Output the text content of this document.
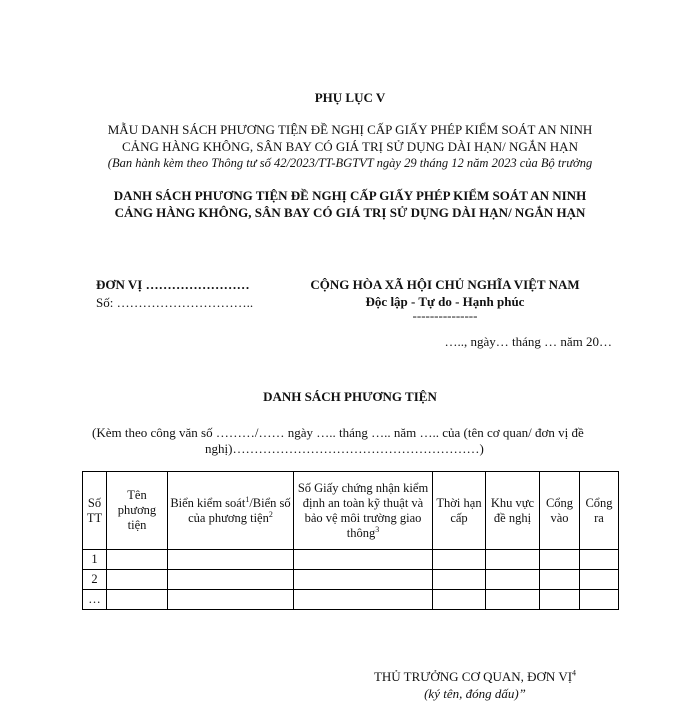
PHỤ LỤC V
MẪU DANH SÁCH PHƯƠNG TIỆN ĐỀ NGHỊ CẤP GIẤY PHÉP KIỂM SOÁT AN NINH
CẢNG HÀNG KHÔNG, SÂN BAY CÓ GIÁ TRỊ SỬ DỤNG DÀI HẠN/ NGẮN HẠN
(Ban hành kèm theo Thông tư số 42/2023/TT-BGTVT ngày 29 tháng 12 năm 2023 của Bộ trưởng
DANH SÁCH PHƯƠNG TIỆN ĐỀ NGHỊ CẤP GIẤY PHÉP KIỂM SOÁT AN NINH
CẢNG HÀNG KHÔNG, SÂN BAY CÓ GIÁ TRỊ SỬ DỤNG DÀI HẠN/ NGẮN HẠN
ĐƠN VỊ ……………………
Số: …………………………..
CỘNG HÒA XÃ HỘI CHỦ NGHĨA VIỆT NAM
Độc lập - Tự do - Hạnh phúc
---------------
….., ngày… tháng … năm 20…
DANH SÁCH PHƯƠNG TIỆN
(Kèm theo công văn số ………/…… ngày ….. tháng ….. năm ….. của (tên cơ quan/ đơn vị đề
nghị)…………………………………………………)
Số TT	Tên phương tiện	Biển kiểm soát$^1$/Biển số của phương tiện$^2$	Số Giấy chứng nhận kiểm định an toàn kỹ thuật và bảo vệ môi trường giao thông$^3$	Thời hạn cấp	Khu vực đề nghị	Cổng vào	Cổng ra
1							
2							
…							
THỦ TRƯỞNG CƠ QUAN, ĐƠN VỊ$^4$
(ký tên, đóng dấu)”
